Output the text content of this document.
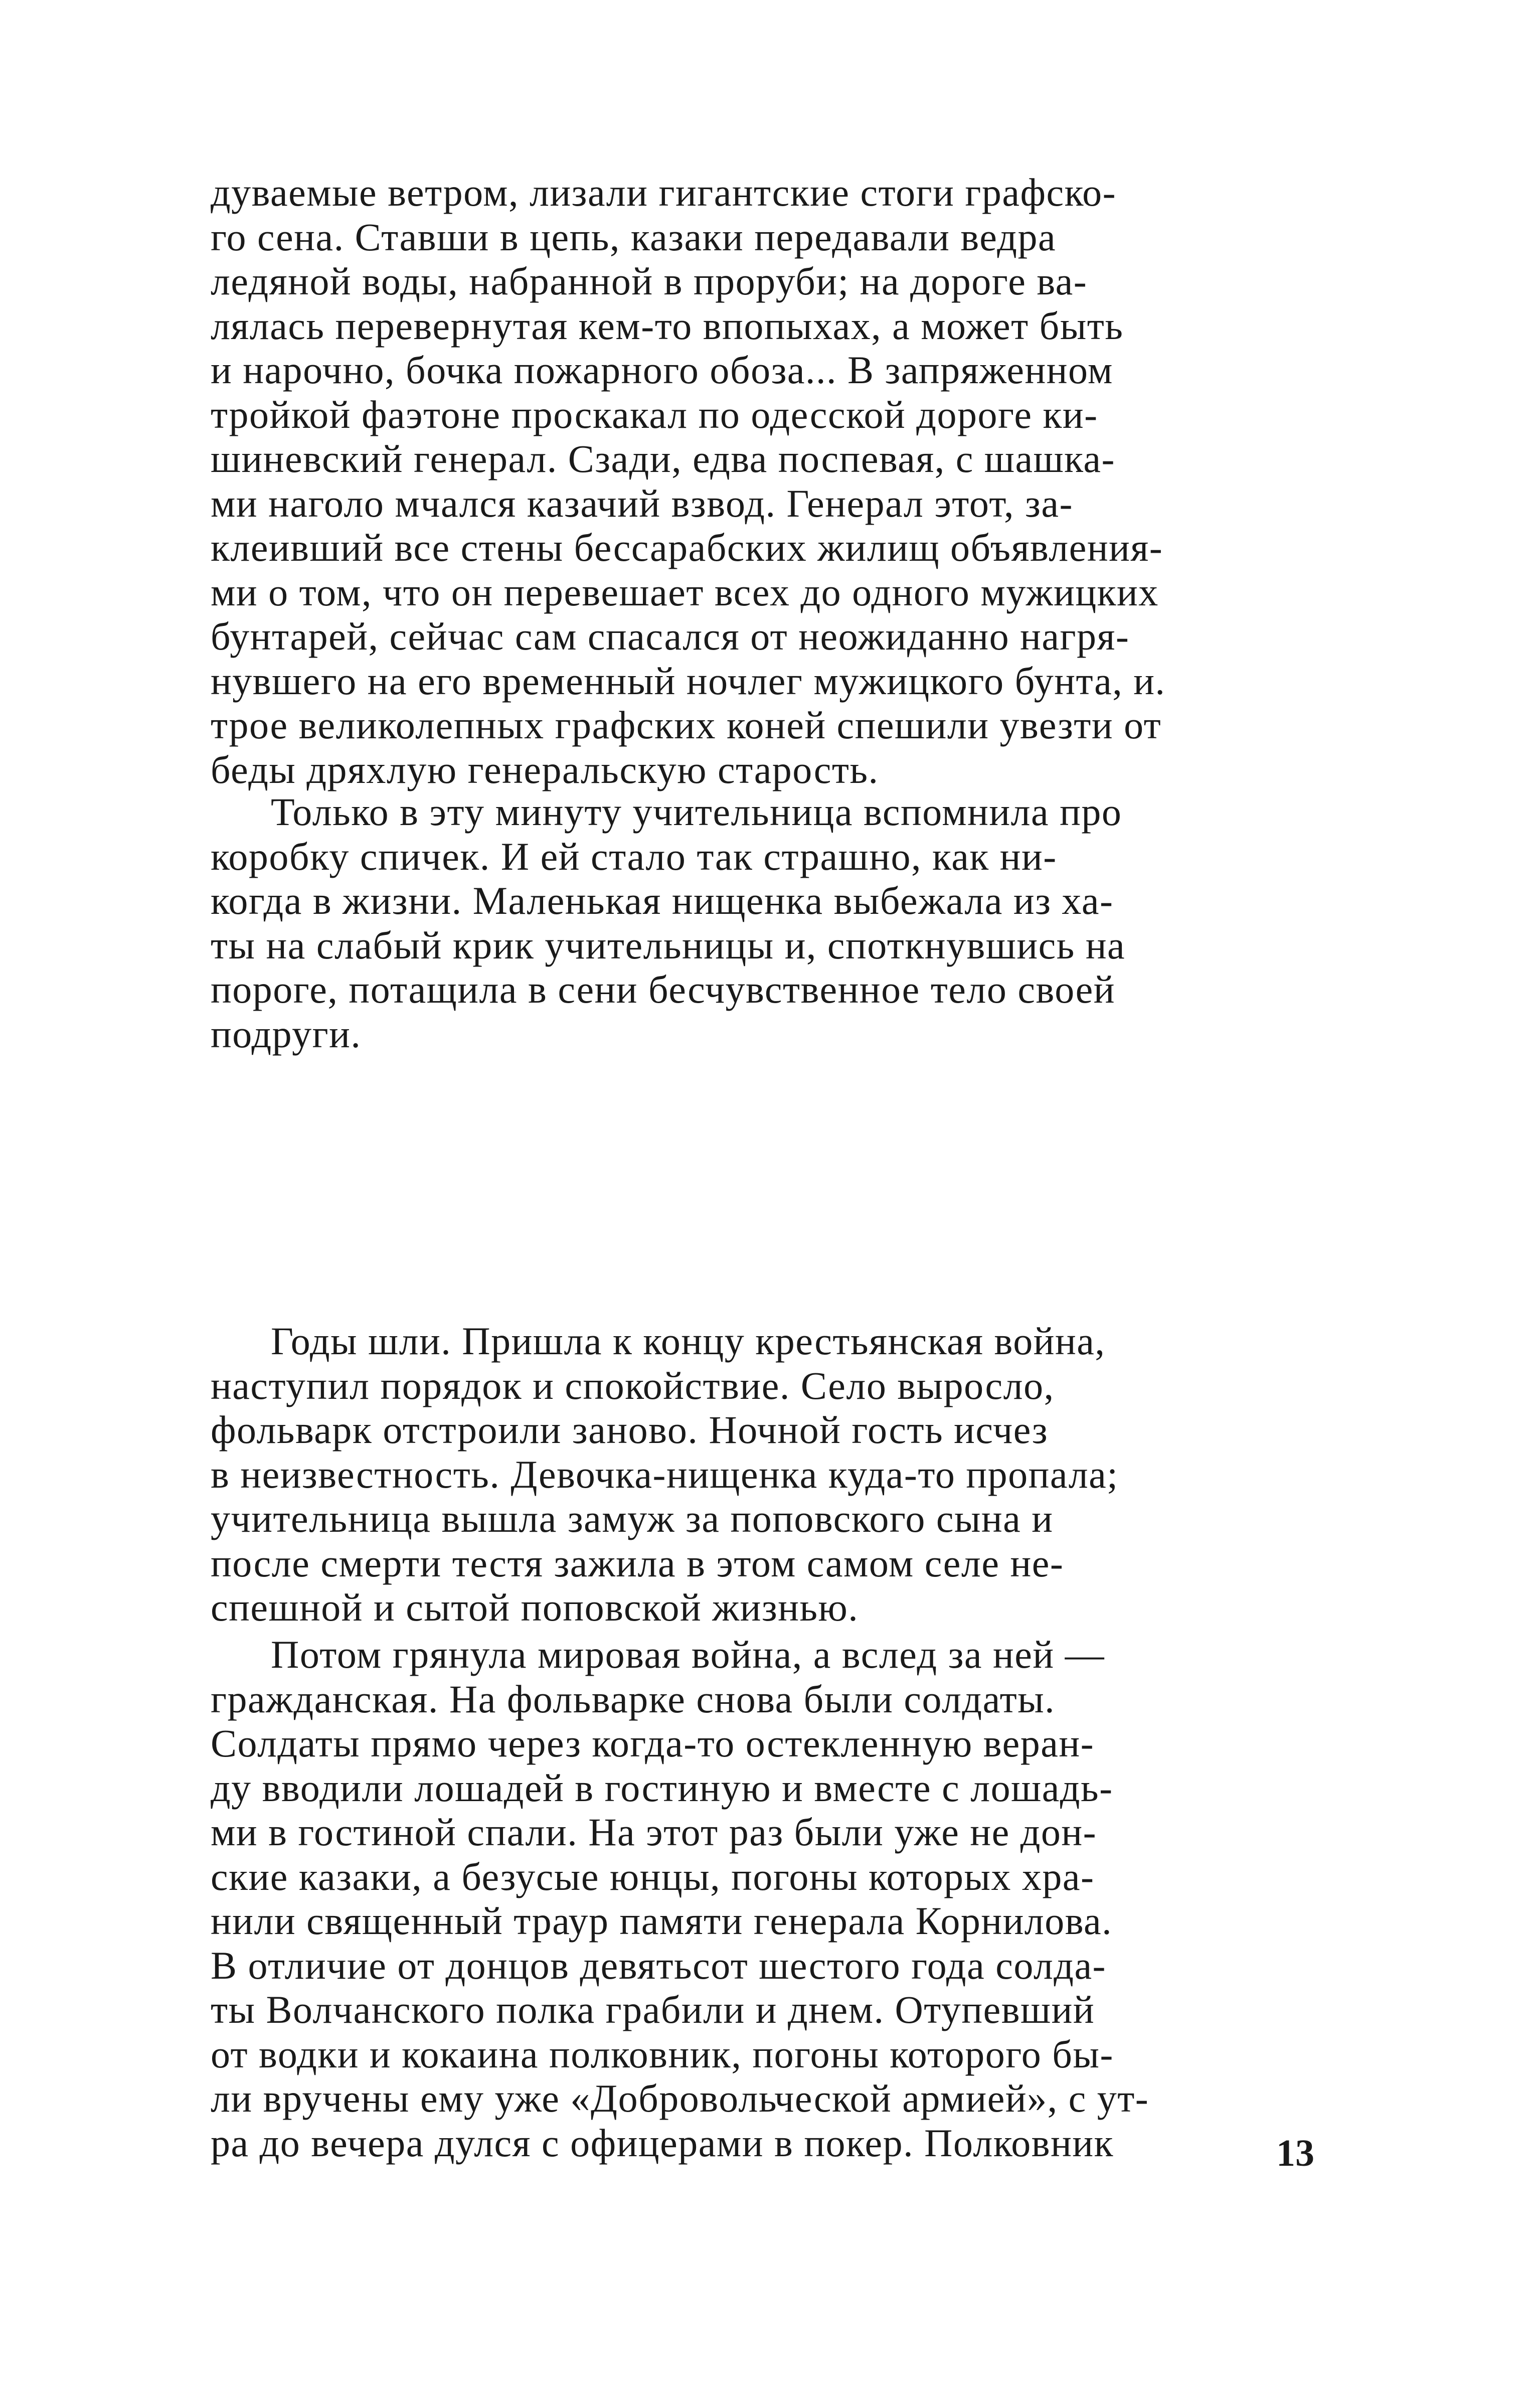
дуваемые ветром, лизали гигантские стоги графско-
го сена. Ставши в цепь, казаки передавали ведра
ледяной воды, набранной в проруби; на дороге ва-
лялась перевернутая кем-то впопыхах, а может быть
и нарочно, бочка пожарного обоза... В запряженном
тройкой фаэтоне проскакал по одесской дороге ки-
шиневский генерал. Сзади, едва поспевая, с шашка-
ми наголо мчался казачий взвод. Генерал этот, за-
клеивший все стены бессарабских жилищ объявления-
ми о том, что он перевешает всех до одного мужицких
бунтарей, сейчас сам спасался от неожиданно нагря-
нувшего на его временный ночлег мужицкого бунта, и.
трое великолепных графских коней спешили увезти от
беды дряхлую генеральскую старость.
Только в эту минуту учительница вспомнила про
коробку спичек. И ей стало так страшно, как ни-
когда в жизни. Маленькая нищенка выбежала из ха-
ты на слабый крик учительницы и, споткнувшись на
пороге, потащила в сени бесчувственное тело своей
подруги.
Годы шли. Пришла к концу крестьянская война,
наступил порядок и спокойствие. Село выросло,
фольварк отстроили заново. Ночной гость исчез
в неизвестность. Девочка-нищенка куда-то пропала;
учительница вышла замуж за поповского сына и
после смерти тестя зажила в этом самом селе не-
спешной и сытой поповской жизнью.
Потом грянула мировая война, а вслед за ней —
гражданская. На фольварке снова были солдаты.
Солдаты прямо через когда-то остекленную веран-
ду вводили лошадей в гостиную и вместе с лошадь-
ми в гостиной спали. На этот раз были уже не дон-
ские казаки, а безусые юнцы, погоны которых хра-
нили священный траур памяти генерала Корнилова.
В отличие от донцов девятьсот шестого года солда-
ты Волчанского полка грабили и днем. Отупевший
от водки и кокаина полковник, погоны которого бы-
ли вручены ему уже «Добровольческой армией», с ут-
ра до вечера дулся с офицерами в покер. Полковник	13
